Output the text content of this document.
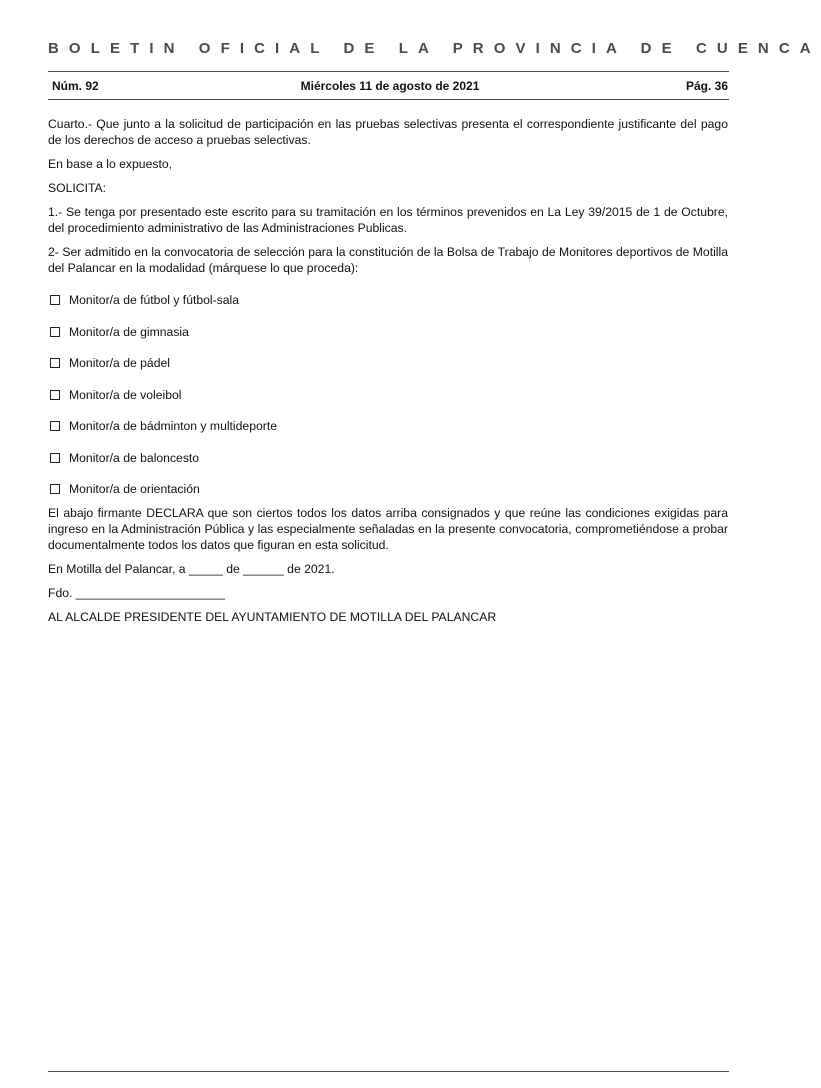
BOLETIN OFICIAL DE LA PROVINCIA DE CUENCA
Núm. 92	Miércoles 11 de agosto de 2021	Pág. 36

Cuarto.- Que junto a la solicitud de participación en las pruebas selectivas presenta el correspondiente justificante del pago de los derechos de acceso a pruebas selectivas.

En base a lo expuesto,

SOLICITA:

1.- Se tenga por presentado este escrito para su tramitación en los términos prevenidos en La Ley 39/2015 de 1 de Octubre, del procedimiento administrativo de las Administraciones Publicas.

2- Ser admitido en la convocatoria de selección para la constitución de la Bolsa de Trabajo de Monitores deportivos de Motilla del Palancar en la modalidad (márquese lo que proceda):

Monitor/a de fútbol y fútbol-sala
Monitor/a de gimnasia
Monitor/a de pádel
Monitor/a de voleibol
Monitor/a de bádminton y multideporte
Monitor/a de baloncesto
Monitor/a de orientación

El abajo firmante DECLARA que son ciertos todos los datos arriba consignados y que reúne las condiciones exigidas para ingreso en la Administración Pública y las especialmente señaladas en la presente convocatoria, comprometiéndose a probar documentalmente todos los datos que figuran en esta solicitud.

En Motilla del Palancar, a _____ de ______ de 2021.

Fdo. ______________________

AL ALCALDE PRESIDENTE DEL AYUNTAMIENTO DE MOTILLA DEL PALANCAR
